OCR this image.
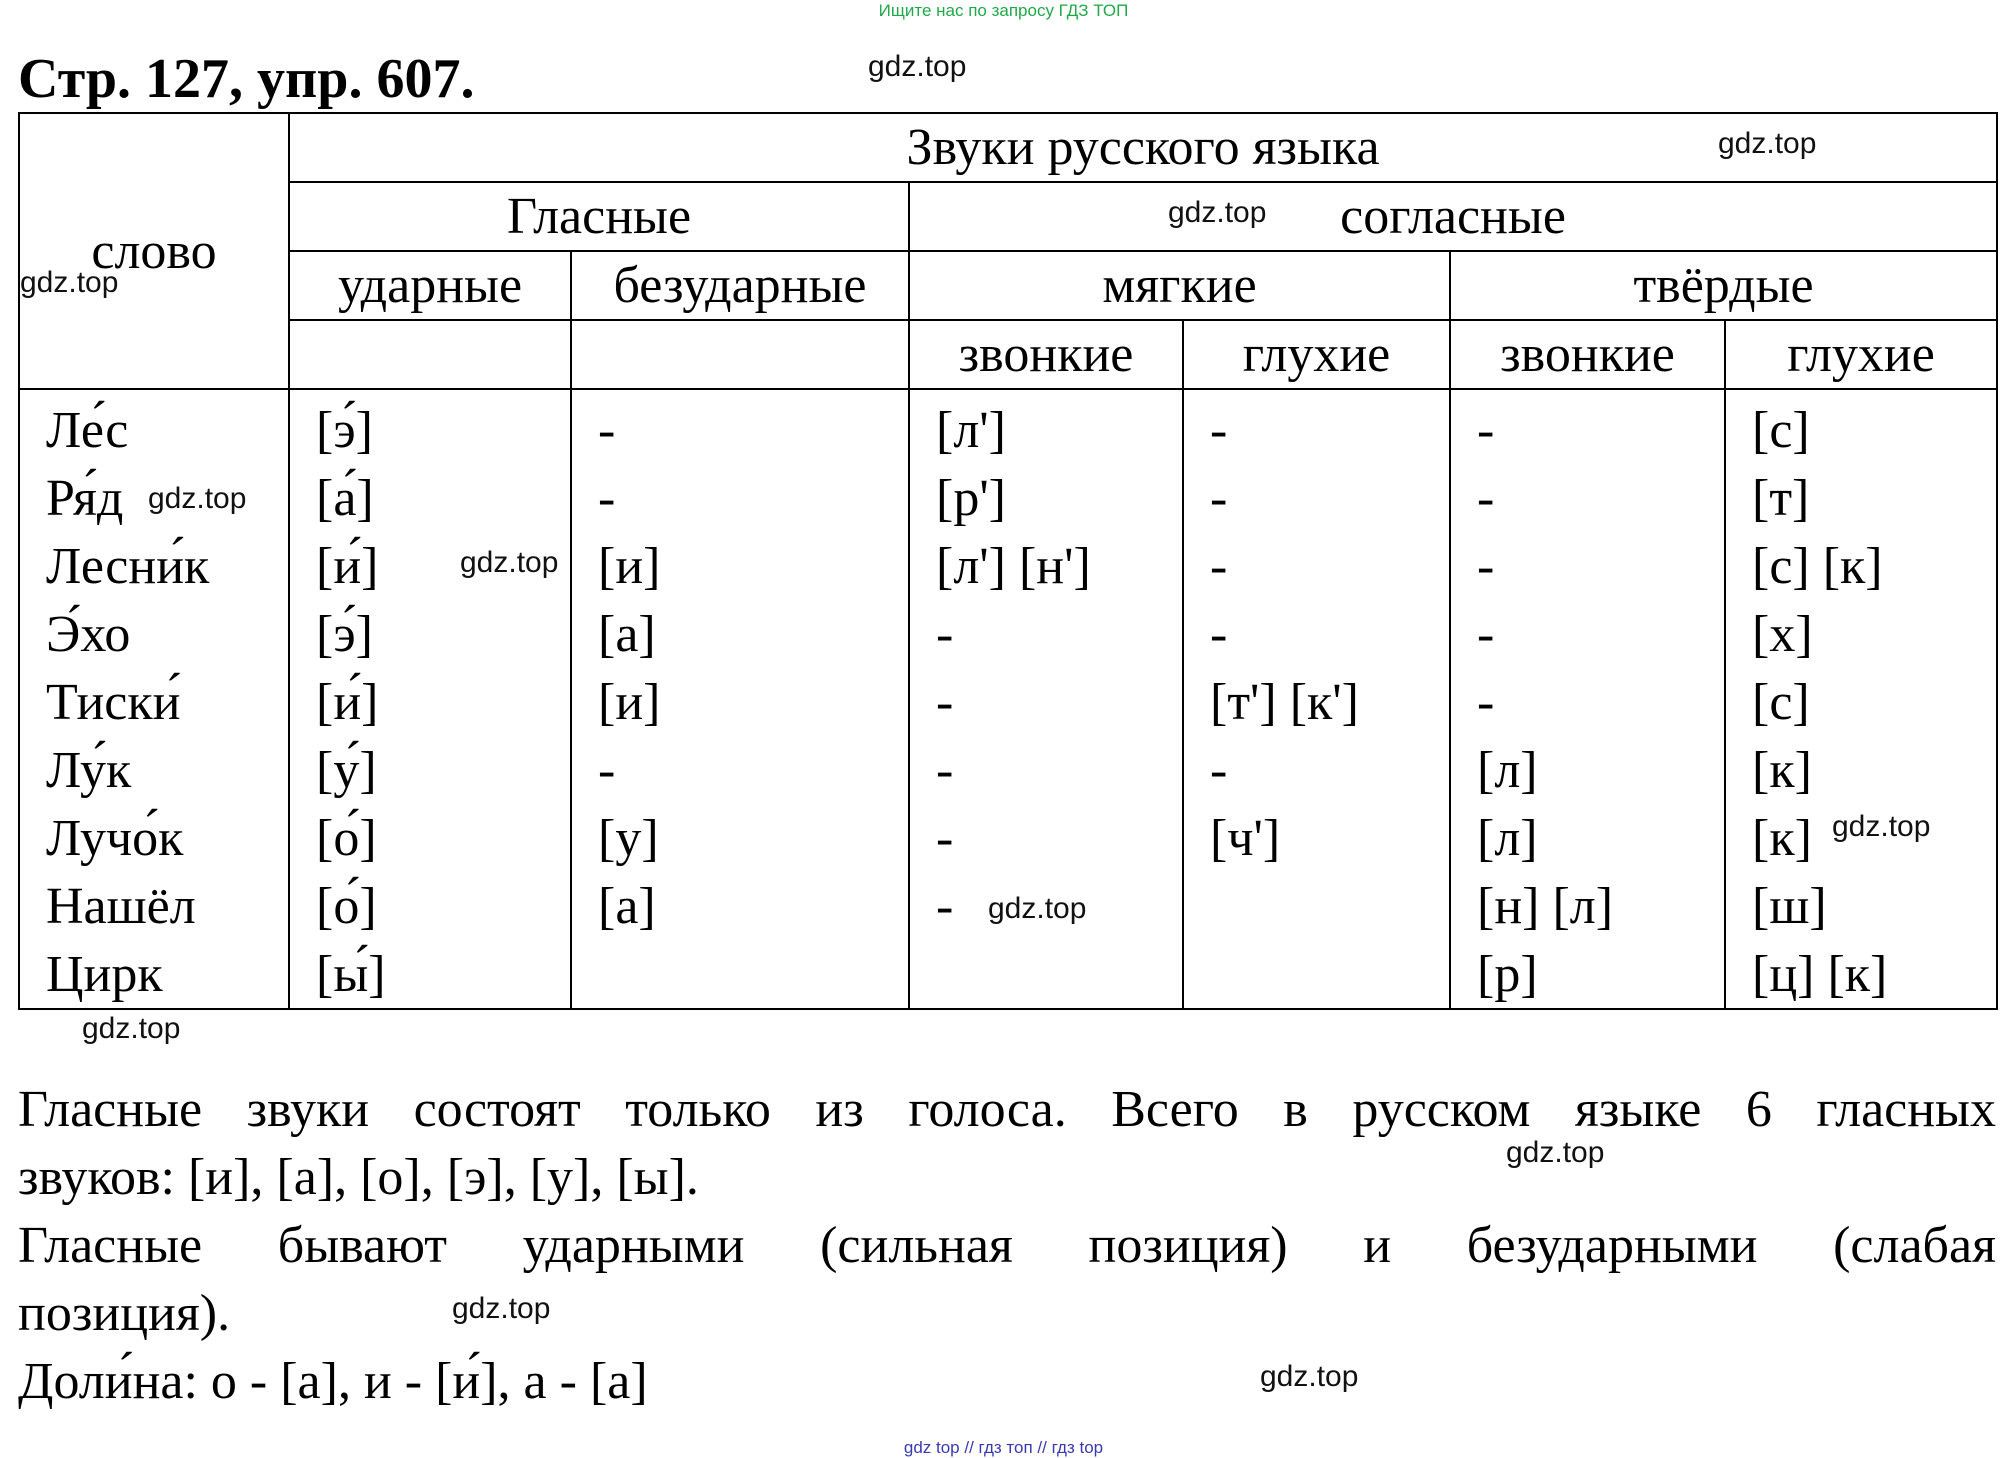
Ищите нас по запросу ГДЗ ТОП
Стр. 127, упр. 607.
слово	Звуки русского языка					
	Гласные		согласные			
	ударные	безударные	мягкие		твёрдые	
			звонкие	глухие	звонкие	глухие
Ле́с	[э́]	-	[л']	-	-	[с]
Ря́д	[а́]	-	[р']	-	-	[т]
Лесни́к	[и́]	[и]	[л'] [н']	-	-	[с] [к]
Э́хо	[э́]	[а]	-	-	-	[х]
Тиски́	[и́]	[и]	-	[т'] [к']	-	[с]
Лу́к	[у́]	-	-	-	[л]	[к]
Лучо́к	[о́]	[у]	-	[ч']	[л]	[к]
Нашёл	[о́]	[а]	-		[н] [л]	[ш]
Цирк	[ы́]				[р]	[ц] [к]
gdz.top
gdz.top
gdz.top
gdz.top
gdz.top
gdz.top
gdz.top
gdz.top
gdz.top
gdz.top
gdz.top
gdz.top

Гласные звуки состоят только из голоса. Всего в русском языке 6 гласных

звуков: [и], [а], [о], [э], [у], [ы].

Гласные бывают ударными (сильная позиция) и безударными (слабая

позиция).

Доли́на: о - [а], и - [и́], а - [а]

gdz top // гдз топ // гдз top
